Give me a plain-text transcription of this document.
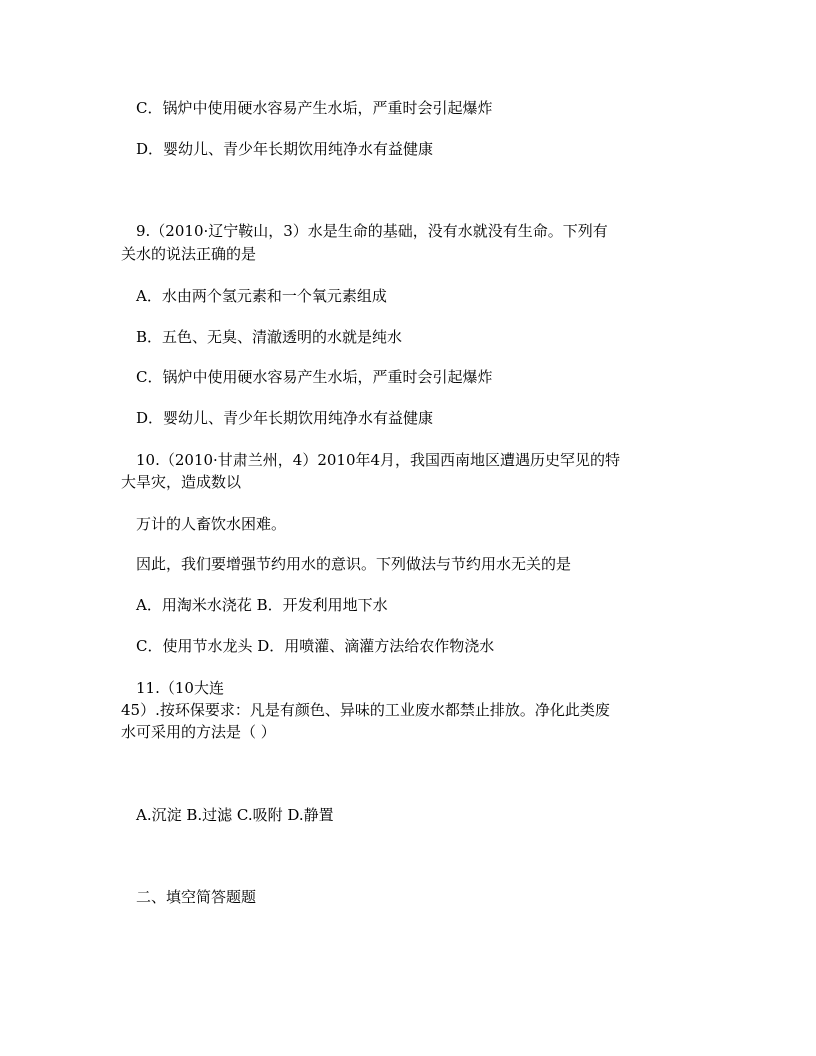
C．锅炉中使用硬水容易产生水垢，严重时会引起爆炸
D．婴幼儿、青少年长期饮用纯净水有益健康
9.（2010·辽宁鞍山，3）水是生命的基础，没有水就没有生命。下列有
关水的说法正确的是
A．水由两个氢元素和一个氧元素组成
B．五色、无臭、清澈透明的水就是纯水
C．锅炉中使用硬水容易产生水垢，严重时会引起爆炸
D．婴幼儿、青少年长期饮用纯净水有益健康
10.（2010·甘肃兰州，4）2010年4月，我国西南地区遭遇历史罕见的特
大旱灾，造成数以
万计的人畜饮水困难。
因此，我们要增强节约用水的意识。下列做法与节约用水无关的是
A．用淘米水浇花 B．开发利用地下水
C．使用节水龙头 D．用喷灌、滴灌方法给农作物浇水
11.（10大连
45）.按环保要求：凡是有颜色、异味的工业废水都禁止排放。净化此类废
水可采用的方法是（ ）
A.沉淀 B.过滤 C.吸附 D.静置
二、填空简答题题
